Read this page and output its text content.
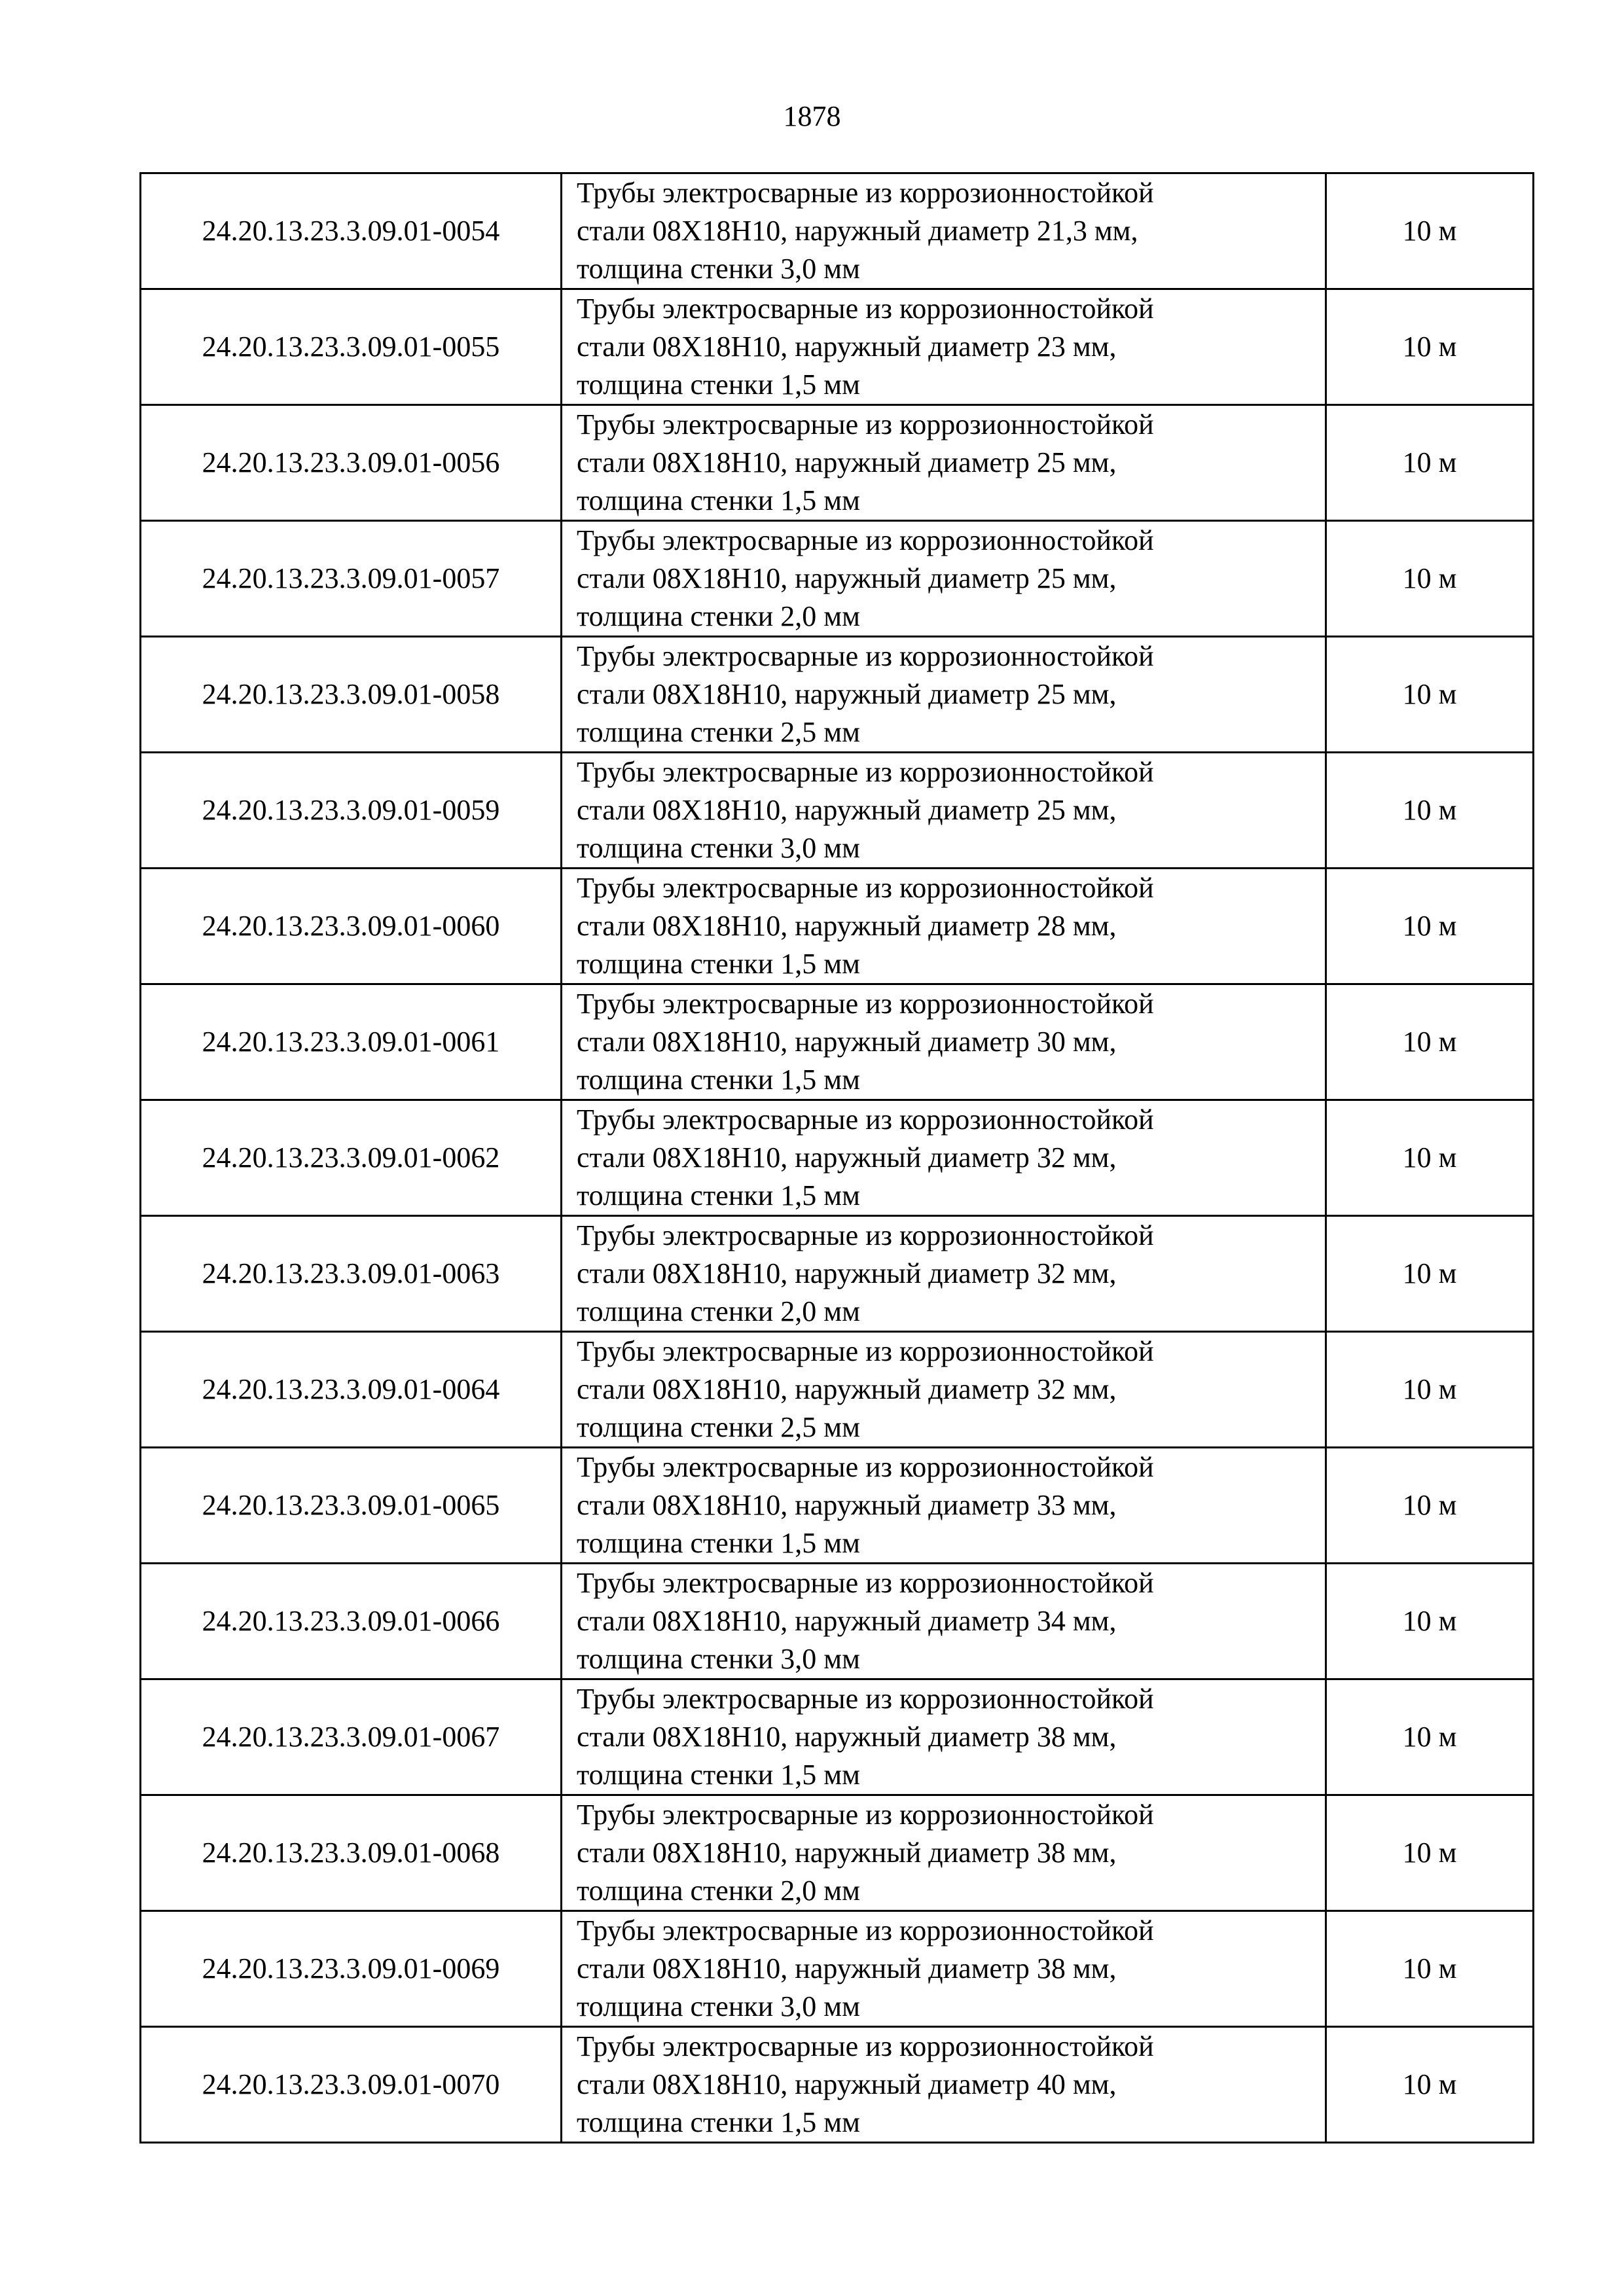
1878
24.20.13.23.3.09.01-0054	Трубы электросварные из коррозионностойкой
стали 08Х18Н10, наружный диаметр 21,3 мм,
толщина стенки 3,0 мм	10 м
24.20.13.23.3.09.01-0055	Трубы электросварные из коррозионностойкой
стали 08Х18Н10, наружный диаметр 23 мм,
толщина стенки 1,5 мм	10 м
24.20.13.23.3.09.01-0056	Трубы электросварные из коррозионностойкой
стали 08Х18Н10, наружный диаметр 25 мм,
толщина стенки 1,5 мм	10 м
24.20.13.23.3.09.01-0057	Трубы электросварные из коррозионностойкой
стали 08Х18Н10, наружный диаметр 25 мм,
толщина стенки 2,0 мм	10 м
24.20.13.23.3.09.01-0058	Трубы электросварные из коррозионностойкой
стали 08Х18Н10, наружный диаметр 25 мм,
толщина стенки 2,5 мм	10 м
24.20.13.23.3.09.01-0059	Трубы электросварные из коррозионностойкой
стали 08Х18Н10, наружный диаметр 25 мм,
толщина стенки 3,0 мм	10 м
24.20.13.23.3.09.01-0060	Трубы электросварные из коррозионностойкой
стали 08Х18Н10, наружный диаметр 28 мм,
толщина стенки 1,5 мм	10 м
24.20.13.23.3.09.01-0061	Трубы электросварные из коррозионностойкой
стали 08Х18Н10, наружный диаметр 30 мм,
толщина стенки 1,5 мм	10 м
24.20.13.23.3.09.01-0062	Трубы электросварные из коррозионностойкой
стали 08Х18Н10, наружный диаметр 32 мм,
толщина стенки 1,5 мм	10 м
24.20.13.23.3.09.01-0063	Трубы электросварные из коррозионностойкой
стали 08Х18Н10, наружный диаметр 32 мм,
толщина стенки 2,0 мм	10 м
24.20.13.23.3.09.01-0064	Трубы электросварные из коррозионностойкой
стали 08Х18Н10, наружный диаметр 32 мм,
толщина стенки 2,5 мм	10 м
24.20.13.23.3.09.01-0065	Трубы электросварные из коррозионностойкой
стали 08Х18Н10, наружный диаметр 33 мм,
толщина стенки 1,5 мм	10 м
24.20.13.23.3.09.01-0066	Трубы электросварные из коррозионностойкой
стали 08Х18Н10, наружный диаметр 34 мм,
толщина стенки 3,0 мм	10 м
24.20.13.23.3.09.01-0067	Трубы электросварные из коррозионностойкой
стали 08Х18Н10, наружный диаметр 38 мм,
толщина стенки 1,5 мм	10 м
24.20.13.23.3.09.01-0068	Трубы электросварные из коррозионностойкой
стали 08Х18Н10, наружный диаметр 38 мм,
толщина стенки 2,0 мм	10 м
24.20.13.23.3.09.01-0069	Трубы электросварные из коррозионностойкой
стали 08Х18Н10, наружный диаметр 38 мм,
толщина стенки 3,0 мм	10 м
24.20.13.23.3.09.01-0070	Трубы электросварные из коррозионностойкой
стали 08Х18Н10, наружный диаметр 40 мм,
толщина стенки 1,5 мм	10 м
